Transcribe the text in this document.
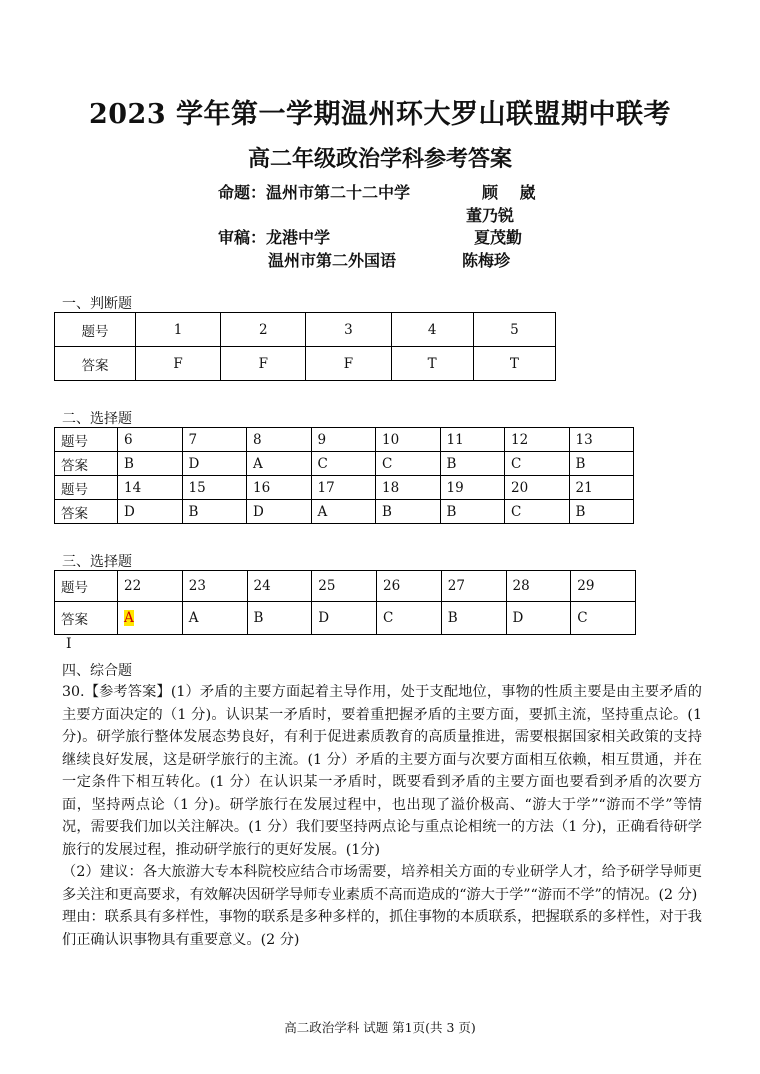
2023 学年第一学期温州环大罗山联盟期中联考
高二年级政治学科参考答案
命题：温州市第二十二中学	顾　 崴
董乃锐
审稿：龙港中学	夏茂勤
温州市第二外国语	陈梅珍
一、判断题
题号	1	2	3	4	5
答案	F	F	F	T	T
二、选择题
题号	6	7	8	9	10	11	12	13
答案	B	D	A	C	C	B	C	B
题号	14	15	16	17	18	19	20	21
答案	D	B	D	A	B	B	C	B
三、选择题
题号	22	23	24	25	26	27	28	29
答案	A	A	B	D	C	B	D	C
I
四、综合题

30.【参考答案】(1）矛盾的主要方面起着主导作用，处于支配地位，事物的性质主要是由主要矛盾的主要方面决定的（1 分)。认识某一矛盾时，要着重把握矛盾的主要方面，要抓主流，坚持重点论。(1 分)。研学旅行整体发展态势良好，有利于促进素质教育的高质量推进，需要根据国家相关政策的支持继续良好发展，这是研学旅行的主流。(1 分）矛盾的主要方面与次要方面相互依赖，相互贯通，并在一定条件下相互转化。(1 分）在认识某一矛盾时，既要看到矛盾的主要方面也要看到矛盾的次要方面，坚持两点论（1 分)。研学旅行在发展过程中，也出现了溢价极高、“游大于学”“游而不学”等情况，需要我们加以关注解决。(1 分）我们要坚持两点论与重点论相统一的方法（1 分)，正确看待研学旅行的发展过程，推动研学旅行的更好发展。(1分)

（2）建议：各大旅游大专本科院校应结合市场需要，培养相关方面的专业研学人才，给予研学导师更多关注和更高要求，有效解决因研学导师专业素质不高而造成的“游大于学”“游而不学”的情况。(2 分)

理由：联系具有多样性，事物的联系是多种多样的，抓住事物的本质联系，把握联系的多样性，对于我们正确认识事物具有重要意义。(2 分)

高二政治学科 试题 第1页(共 3 页)
